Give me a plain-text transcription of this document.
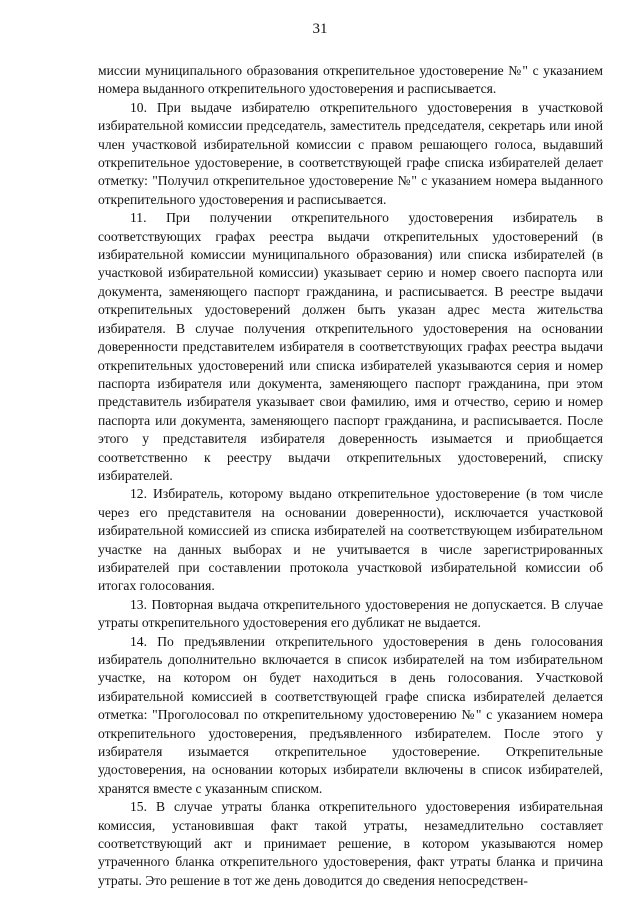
31

миссии муниципального образования открепительное удостоверение №" с указанием номера выданного открепительного удостоверения и расписывается.

10. При выдаче избирателю открепительного удостоверения в участковой избирательной комиссии председатель, заместитель председателя, секретарь или иной член участковой избирательной комиссии с правом решающего голоса, выдавший открепительное удостоверение, в соответствующей графе списка избирателей делает отметку: "Получил открепительное удостоверение №" с указанием номера выданного открепительного удостоверения и расписывается.

11. При получении открепительного удостоверения избиратель в соответствующих графах реестра выдачи открепительных удостоверений (в избирательной комиссии муниципального образования) или списка избирателей (в участковой избирательной комиссии) указывает серию и номер своего паспорта или документа, заменяющего паспорт гражданина, и расписывается. В реестре выдачи открепительных удостоверений должен быть указан адрес места жительства избирателя. В случае получения открепительного удостоверения на основании доверенности представителем избирателя в соответствующих графах реестра выдачи открепительных удостоверений или списка избирателей указываются серия и номер паспорта избирателя или документа, заменяющего паспорт гражданина, при этом представитель избирателя указывает свои фамилию, имя и отчество, серию и номер паспорта или документа, заменяющего паспорт гражданина, и расписывается. После этого у представителя избирателя доверенность изымается и приобщается соответственно к реестру выдачи открепительных удостоверений, списку избирателей.

12. Избиратель, которому выдано открепительное удостоверение (в том числе через его представителя на основании доверенности), исключается участковой избирательной комиссией из списка избирателей на соответствующем избирательном участке на данных выборах и не учитывается в числе зарегистрированных избирателей при составлении протокола участковой избирательной комиссии об итогах голосования.

13. Повторная выдача открепительного удостоверения не допускается. В случае утраты открепительного удостоверения его дубликат не выдается.

14. По предъявлении открепительного удостоверения в день голосования избиратель дополнительно включается в список избирателей на том избирательном участке, на котором он будет находиться в день голосования. Участковой избирательной комиссией в соответствующей графе списка избирателей делается отметка: "Проголосовал по открепительному удостоверению №" с указанием номера открепительного удостоверения, предъявленного избирателем. После этого у избирателя изымается открепительное удостоверение. Открепительные удостоверения, на основании которых избиратели включены в список избирателей, хранятся вместе с указанным списком.

15. В случае утраты бланка открепительного удостоверения избирательная комиссия, установившая факт такой утраты, незамедлительно составляет соответствующий акт и принимает решение, в котором указываются номер утраченного бланка открепительного удостоверения, факт утраты бланка и причина утраты. Это решение в тот же день доводится до сведения непосредствен-
